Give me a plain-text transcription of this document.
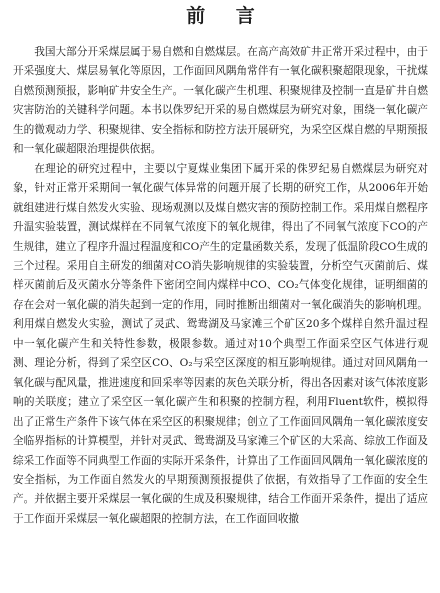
前 言

我国大部分开采煤层属于易自燃和自燃煤层。在高产高效矿井正常开采过程中，由于开采强度大、煤层易氧化等原因，工作面回风隅角常伴有一氧化碳积聚超限现象，干扰煤自燃预测预报，影响矿井安全生产。一氧化碳产生机理、积聚规律及控制一直是矿井自燃灾害防治的关键科学问题。本书以侏罗纪开采的易自燃煤层为研究对象，围绕一氧化碳产生的微观动力学、积聚规律、安全指标和防控方法开展研究，为采空区煤自燃的早期预报和一氧化碳超限治理提供依据。

在理论的研究过程中，主要以宁夏煤业集团下属开采的侏罗纪易自燃煤层为研究对象，针对正常开采期间一氧化碳气体异常的问题开展了长期的研究工作，从2006年开始就组建进行煤自然发火实验、现场观测以及煤自燃灾害的预防控制工作。采用煤自燃程序升温实验装置，测试煤样在不同氧气浓度下的氧化规律，得出了不同氧气浓度下CO的产生规律，建立了程序升温过程温度和CO产生的定量函数关系，发现了低温阶段CO生成的三个过程。采用自主研发的细菌对CO消失影响规律的实验装置，分析空气灭菌前后、煤样灭菌前后及灭菌水分等条件下密闭空间内煤样中CO、CO₂气体变化规律，证明细菌的存在会对一氧化碳的消失起到一定的作用，同时推断出细菌对一氧化碳消失的影响机理。利用煤自燃发火实验，测试了灵武、鸳鸯湖及马家滩三个矿区20多个煤样自然升温过程中一氧化碳产生和关特性参数，极限参数。通过对10个典型工作面采空区气体进行观测、理论分析，得到了采空区CO、O₂与采空区深度的相互影响规律。通过对回风隅角一氧化碳与配风量，推进速度和回采率等因素的灰色关联分析，得出各因素对该气体浓度影响的关联度；建立了采空区一氧化碳产生和积聚的控制方程，利用Fluent软件，模拟得出了正常生产条件下该气体在采空区的积聚规律；创立了工作面回风隅角一氧化碳浓度安全临界指标的计算模型，并针对灵武、鸳鸯湖及马家滩三个矿区的大采高、综放工作面及综采工作面等不同典型工作面的实际开采条件，计算出了工作面回风隅角一氧化碳浓度的安全指标，为工作面自然发火的早期预测预报提供了依据，有效指导了工作面的安全生产。并依据主要开采煤层一氧化碳的生成及积聚规律，结合工作面开采条件，提出了适应于工作面开采煤层一氧化碳超限的控制方法，在工作面回收撤
